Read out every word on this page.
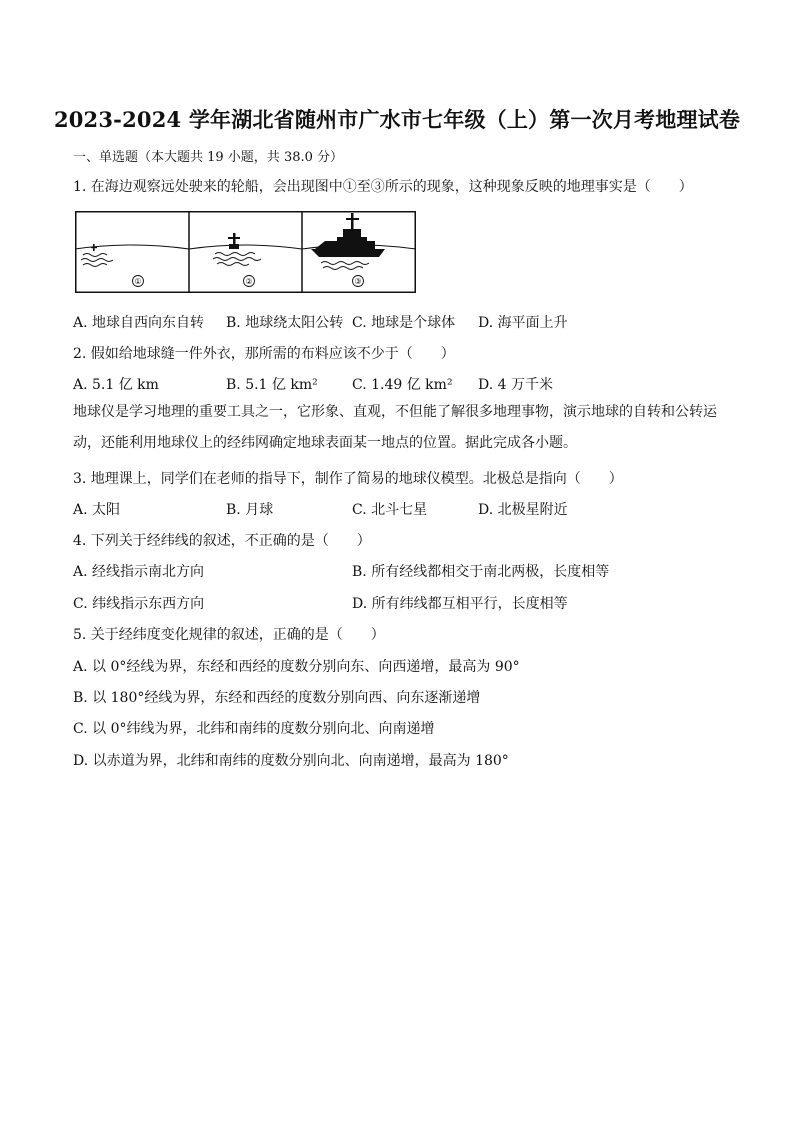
2023-2024 学年湖北省随州市广水市七年级（上）第一次月考地理试卷
一、单选题（本大题共 19 小题，共 38.0 分）
1. 在海边观察远处驶来的轮船，会出现图中①至③所示的现象，这种现象反映的地理事实是（　　）
①	②	③
A. 地球自西向东自转 B. 地球绕太阳公转 C. 地球是个球体 D. 海平面上升
2. 假如给地球缝一件外衣，那所需的布料应该不少于（　　）
A. 5.1 亿 km	B. 5.1 亿 km² C. 1.49 亿 km² D. 4 万千米
地球仪是学习地理的重要工具之一，它形象、直观，不但能了解很多地理事物，演示地球的自转和公转运动，还能利用地球仪上的经纬网确定地球表面某一地点的位置。据此完成各小题。
3. 地理课上，同学们在老师的指导下，制作了简易的地球仪模型。北极总是指向（　　）
A. 太阳	B. 月球	C. 北斗七星	D. 北极星附近
4. 下列关于经纬线的叙述，不正确的是（　　）
A. 经线指示南北方向	B. 所有经线都相交于南北两极，长度相等
C. 纬线指示东西方向	D. 所有纬线都互相平行，长度相等
5. 关于经纬度变化规律的叙述，正确的是（　　）
A. 以 0°经线为界，东经和西经的度数分别向东、向西递增，最高为 90°
B. 以 180°经线为界，东经和西经的度数分别向西、向东逐渐递增
C. 以 0°纬线为界，北纬和南纬的度数分别向北、向南递增
D. 以赤道为界，北纬和南纬的度数分别向北、向南递增，最高为 180°
